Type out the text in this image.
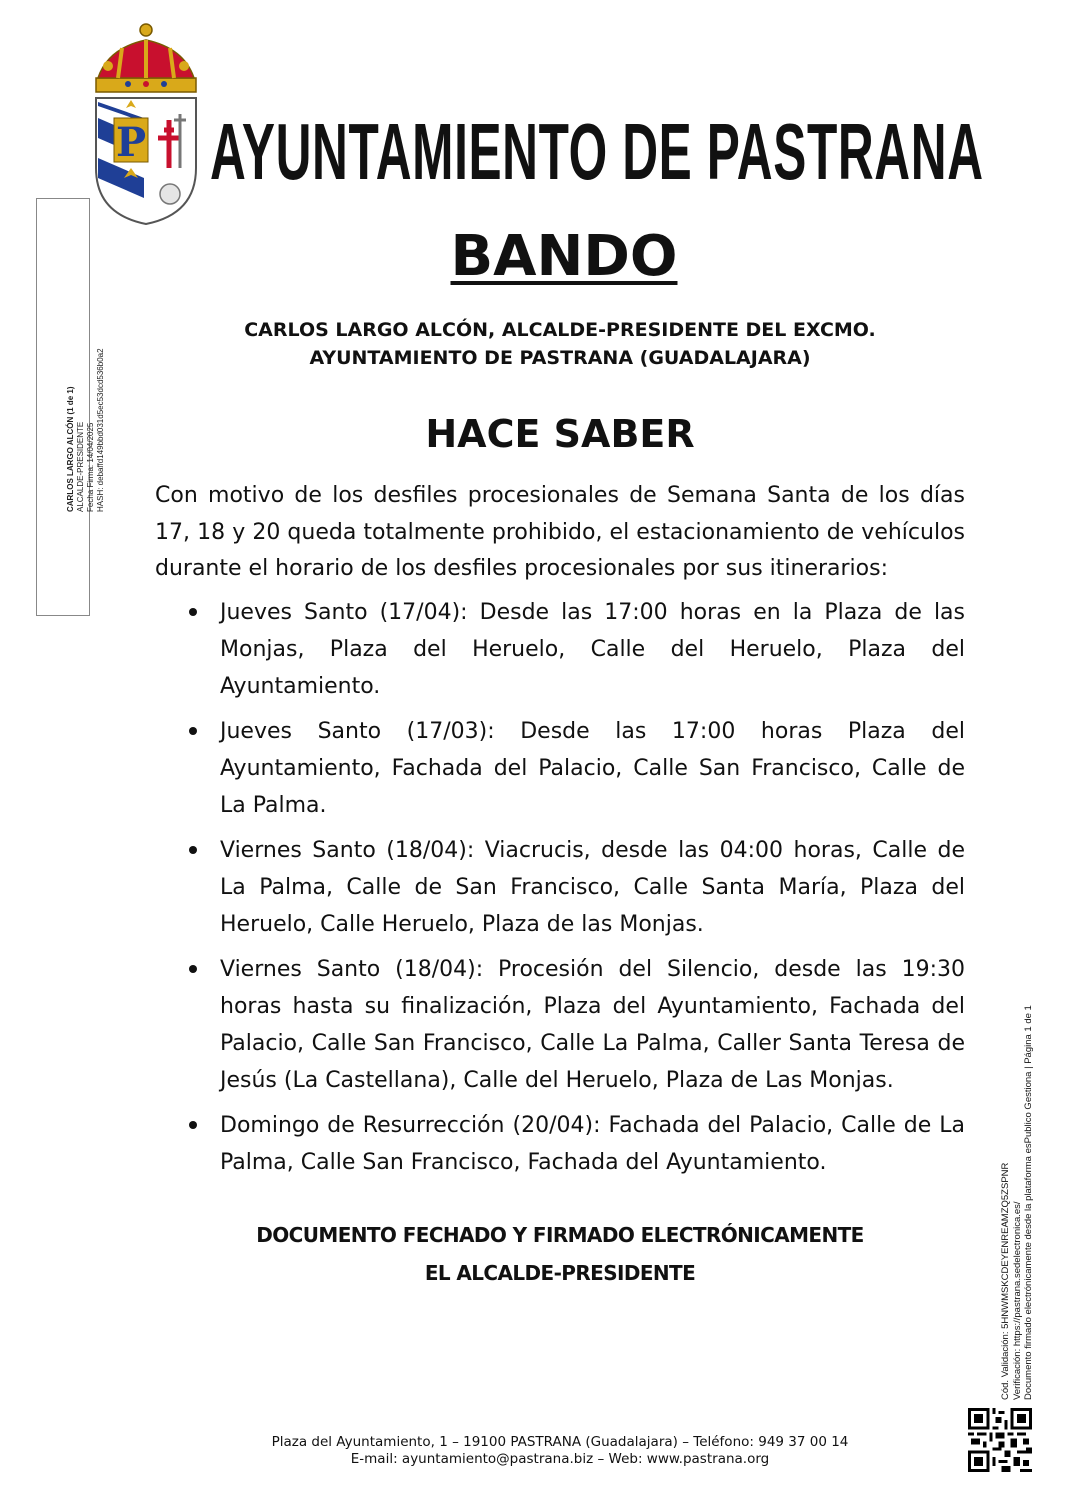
P AYUNTAMIENTO DE PASTRANA
BANDO
CARLOS LARGO ALCÓN, ALCALDE-PRESIDENTE DEL EXCMO.
AYUNTAMIENTO DE PASTRANA (GUADALAJARA)
HACE SABER
Con motivo de los desfiles procesionales de Semana Santa de los días 17, 18 y 20 queda totalmente prohibido, el estacionamiento de vehículos durante el horario de los desfiles procesionales por sus itinerarios:
Jueves Santo (17/04): Desde las 17:00 horas en la Plaza de las Monjas, Plaza del Heruelo, Calle del Heruelo, Plaza del Ayuntamiento.
Jueves Santo (17/03): Desde las 17:00 horas Plaza del Ayuntamiento, Fachada del Palacio, Calle San Francisco, Calle de La Palma.
Viernes Santo (18/04): Viacrucis, desde las 04:00 horas, Calle de La Palma, Calle de San Francisco, Calle Santa María, Plaza del Heruelo, Calle Heruelo, Plaza de las Monjas.
Viernes Santo (18/04): Procesión del Silencio, desde las 19:30 horas hasta su finalización, Plaza del Ayuntamiento, Fachada del Palacio, Calle San Francisco, Calle La Palma, Caller Santa Teresa de Jesús (La Castellana), Calle del Heruelo, Plaza de Las Monjas.
Domingo de Resurrección (20/04): Fachada del Palacio, Calle de La Palma, Calle San Francisco, Fachada del Ayuntamiento.
DOCUMENTO FECHADO Y FIRMADO ELECTRÓNICAMENTE
EL ALCALDE-PRESIDENTE
Plaza del Ayuntamiento, 1 – 19100 PASTRANA (Guadalajara) – Teléfono: 949 37 00 14
E-mail: ayuntamiento@pastrana.biz – Web: www.pastrana.org
CARLOS LARGO ALCÓN (1 de 1) ALCALDE-PRESIDENTE Fecha Firma: 14/04/2025 HASH: debaffd149bbd031d5ec53dcd536b0a2
Cód. Validación: 5HNWMSKCDEYENREAMZQ5ZSPNR Verificación: https://pastrana.sedelectronica.es/ Documento firmado electrónicamente desde la plataforma esPublico Gestiona | Página 1 de 1
